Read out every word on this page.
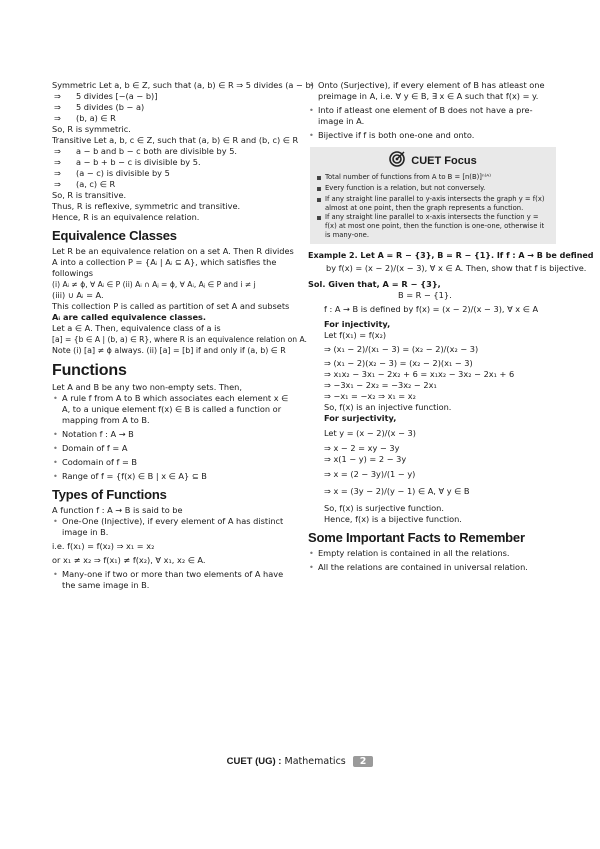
Symmetric Let a, b ∈ Z, such that (a, b) ∈ R ⇒ 5 divides (a − b)
⇒	5 divides [−(a − b)]
⇒	5 divides (b − a)
⇒	(b, a) ∈ R
So, R is symmetric.
Transitive Let a, b, c ∈ Z, such that (a, b) ∈ R and (b, c) ∈ R
⇒	a − b and b − c both are divisible by 5.
⇒	a − b + b − c is divisible by 5.
⇒	(a − c) is divisible by 5
⇒	(a, c) ∈ R
So, R is transitive.
Thus, R is reflexive, symmetric and transitive.
Hence, R is an equivalence relation.
Equivalence Classes
Let R be an equivalence relation on a set A. Then R divides
A into a collection P = {Aᵢ | Aᵢ ⊆ A}, which satisfies the
followings
(i) Aᵢ ≠ ϕ, ∀ Aᵢ ∈ P (ii) Aᵢ ∩ Aⱼ = ϕ, ∀ Aᵢ, Aⱼ ∈ P and i ≠ j
(iii) ∪ Aᵢ = A.
This collection P is called as partition of set A and subsets
Aᵢ are called equivalence classes.
Let a ∈ A. Then, equivalence class of a is
[a] = {b ∈ A | (b, a) ∈ R}, where R is an equivalence relation on A.
Note (i) [a] ≠ ϕ always. (ii) [a] = [b] if and only if (a, b) ∈ R
Functions
Let A and B be any two non-empty sets. Then,
• A rule f from A to B which associates each element x ∈ A, to a unique element f(x) ∈ B is called a function or mapping from A to B.
• Notation f : A → B
• Domain of f = A
• Codomain of f = B
• Range of f = {f(x) ∈ B | x ∈ A} ⊆ B
Types of Functions
A function f : A → B is said to be
• One-One (Injective), if every element of A has distinct image in B.
i.e. f(x₁) = f(x₂) ⇒ x₁ = x₂
or x₁ ≠ x₂ ⇒ f(x₁) ≠ f(x₂), ∀ x₁, x₂ ∈ A.
• Many-one if two or more than two elements of A have the same image in B.
• Onto (Surjective), if every element of B has atleast one preimage in A, i.e. ∀ y ∈ B, ∃ x ∈ A such that f(x) = y.
• Into if atleast one element of B does not have a pre-image in A.
• Bijective if f is both one-one and onto.
CUET Focus
Total number of functions from A to B = [n(B)]ⁿ⁽ᴬ⁾
Every function is a relation, but not conversely.
If any straight line parallel to y-axis intersects the graph y = f(x) almost at one point, then the graph represents a function.
If any straight line parallel to x-axis intersects the function y = f(x) at most one point, then the function is one-one, otherwise it is many-one.
Example 2. Let A = R − {3}, B = R − {1}. If f : A → B be defined
by f(x) = (x − 2)/(x − 3), ∀ x ∈ A. Then, show that f is bijective.
Sol. Given that, A = R − {3},
B = R − {1}.
f : A → B is defined by f(x) = (x − 2)/(x − 3), ∀ x ∈ A
For injectivity,
Let f(x₁) = f(x₂)
⇒ (x₁ − 2)/(x₁ − 3) = (x₂ − 2)/(x₂ − 3)
⇒ (x₁ − 2)(x₂ − 3) = (x₂ − 2)(x₁ − 3)
⇒ x₁x₂ − 3x₁ − 2x₂ + 6 = x₁x₂ − 3x₂ − 2x₁ + 6
⇒ −3x₁ − 2x₂ = −3x₂ − 2x₁
⇒ −x₁ = −x₂ ⇒ x₁ = x₂
So, f(x) is an injective function.
For surjectivity,
Let y = (x − 2)/(x − 3)
⇒ x − 2 = xy − 3y
⇒ x(1 − y) = 2 − 3y
⇒ x = (2 − 3y)/(1 − y)
⇒ x = (3y − 2)/(y − 1) ∈ A, ∀ y ∈ B
So, f(x) is surjective function.
Hence, f(x) is a bijective function.
Some Important Facts to Remember
• Empty relation is contained in all the relations.
• All the relations are contained in universal relation.
CUET (UG) : Mathematics 2
